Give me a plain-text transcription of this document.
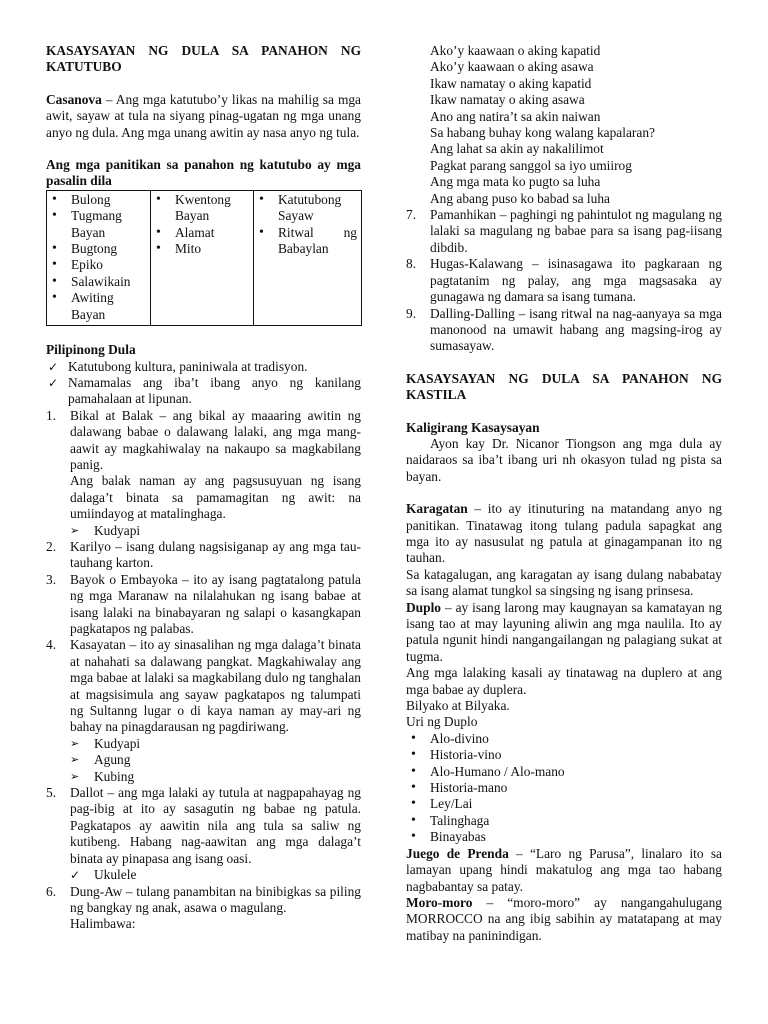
KASAYSAYAN NG DULA SA PANAHON NG KATUTUBO

Casanova – Ang mga katutubo’y likas na mahilig sa mga awit, sayaw at tula na siyang pinag-ugatan ng mga unang anyo ng dula. Ang mga unang awitin ay nasa anyo ng tula.

Ang mga panitikan sa panahon ng katutubo ay mga pasalin dila

• Bulong
• Tugmang Bayan
• Bugtong
• Epiko
• Salawikain
• Awiting Bayan

• Kwentong Bayan
• Alamat
• Mito

• Katutubong Sayaw
• Ritwal ng Babaylan

Pilipinong Dula

✓ Katutubong kultura, paniniwala at tradisyon.
✓ Namamalas ang iba’t ibang anyo ng kanilang pamahalaan at lipunan.
1. Bikal at Balak – ang bikal ay maaaring awitin ng dalawang babae o dalawang lalaki, ang mga mang-aawit ay magkahiwalay na nakaupo sa magkabilang panig.

Ang balak naman ay ang pagsusuyuan ng isang dalaga’t binata sa pamamagitan ng awit: na umiindayog at matalinghaga.

➢ Kudyapi
2. Karilyo – isang dulang nagsisiganap ay ang mga tau-tauhang karton.

3. Bayok o Embayoka – ito ay isang pagtatalong patula ng mga Maranaw na nilalahukan ng isang babae at isang lalaki na binabayaran ng salapi o kasangkapan pagkatapos ng palabas.

4. Kasayatan – ito ay sinasalihan ng mga dalaga’t binata at nahahati sa dalawang pangkat. Magkahiwalay ang mga babae at lalaki sa magkabilang dulo ng tanghalan at magsisimula ang sayaw pagkatapos ng talumpati ng Sultanng lugar o di kaya naman ay may-ari ng bahay na pinagdarausan ng pagdiriwang.

➢ Kudyapi
➢ Agung
➢ Kubing
5. Dallot – ang mga lalaki ay tutula at nagpapahayag ng pag-ibig at ito ay sasagutin ng babae ng patula. Pagkatapos ay aawitin nila ang tula sa saliw ng kutibeng. Habang nag-aawitan ang mga dalaga’t binata ay pinapasa ang isang oasi.

✓ Ukulele
6. Dung-Aw – tulang panambitan na binibigkas sa piling ng bangkay ng anak, asawa o magulang.

Halimbawa:

Ako’y kaawaan o aking kapatid

Ako’y kaawaan o aking asawa

Ikaw namatay o aking kapatid

Ikaw namatay o aking asawa

Ano ang natira’t sa akin naiwan

Sa habang buhay kong walang kapalaran?

Ang lahat sa akin ay nakalilimot

Pagkat parang sanggol sa iyo umiirog

Ang mga mata ko pugto sa luha

Ang abang puso ko babad sa luha

7. Pamanhikan – paghingi ng pahintulot ng magulang ng lalaki sa magulang ng babae para sa isang pag-iisang dibdib.

8. Hugas-Kalawang – isinasagawa ito pagkaraan ng pagtatanim ng palay, ang mga magsasaka ay gunagawa ng damara sa isang tumana.

9. Dalling-Dalling – isang ritwal na nag-aanyaya sa mga manonood na umawit habang ang magsing-irog ay sumasayaw.

KASAYSAYAN NG DULA SA PANAHON NG KASTILA

Kaligirang Kasaysayan

Ayon kay Dr. Nicanor Tiongson ang mga dula ay naidaraos sa iba’t ibang uri nh okasyon tulad ng pista sa bayan.

Karagatan – ito ay itinuturing na matandang anyo ng panitikan. Tinatawag itong tulang padula sapagkat ang mga ito ay nasusulat ng patula at ginagampanan ito ng tauhan.

Sa katagalugan, ang karagatan ay isang dulang nababatay sa isang alamat tungkol sa singsing ng isang prinsesa.

Duplo – ay isang larong may kaugnayan sa kamatayan ng isang tao at may layuning aliwin ang mga naulila. Ito ay patula ngunit hindi nangangailangan ng palagiang sukat at tugma.

Ang mga lalaking kasali ay tinatawag na duplero at ang mga babae ay duplera.

Bilyako at Bilyaka.

Uri ng Duplo

• Alo-divino
• Historia-vino
• Alo-Humano / Alo-mano
• Historia-mano
• Ley/Lai
• Talinghaga
• Binayabas

Juego de Prenda – “Laro ng Parusa”, linalaro ito sa lamayan upang hindi makatulog ang mga tao habang nagbabantay sa patay.

Moro-moro – “moro-moro” ay nangangahulugang MORROCCO na ang ibig sabihin ay matatapang at may matibay na paninindigan.
